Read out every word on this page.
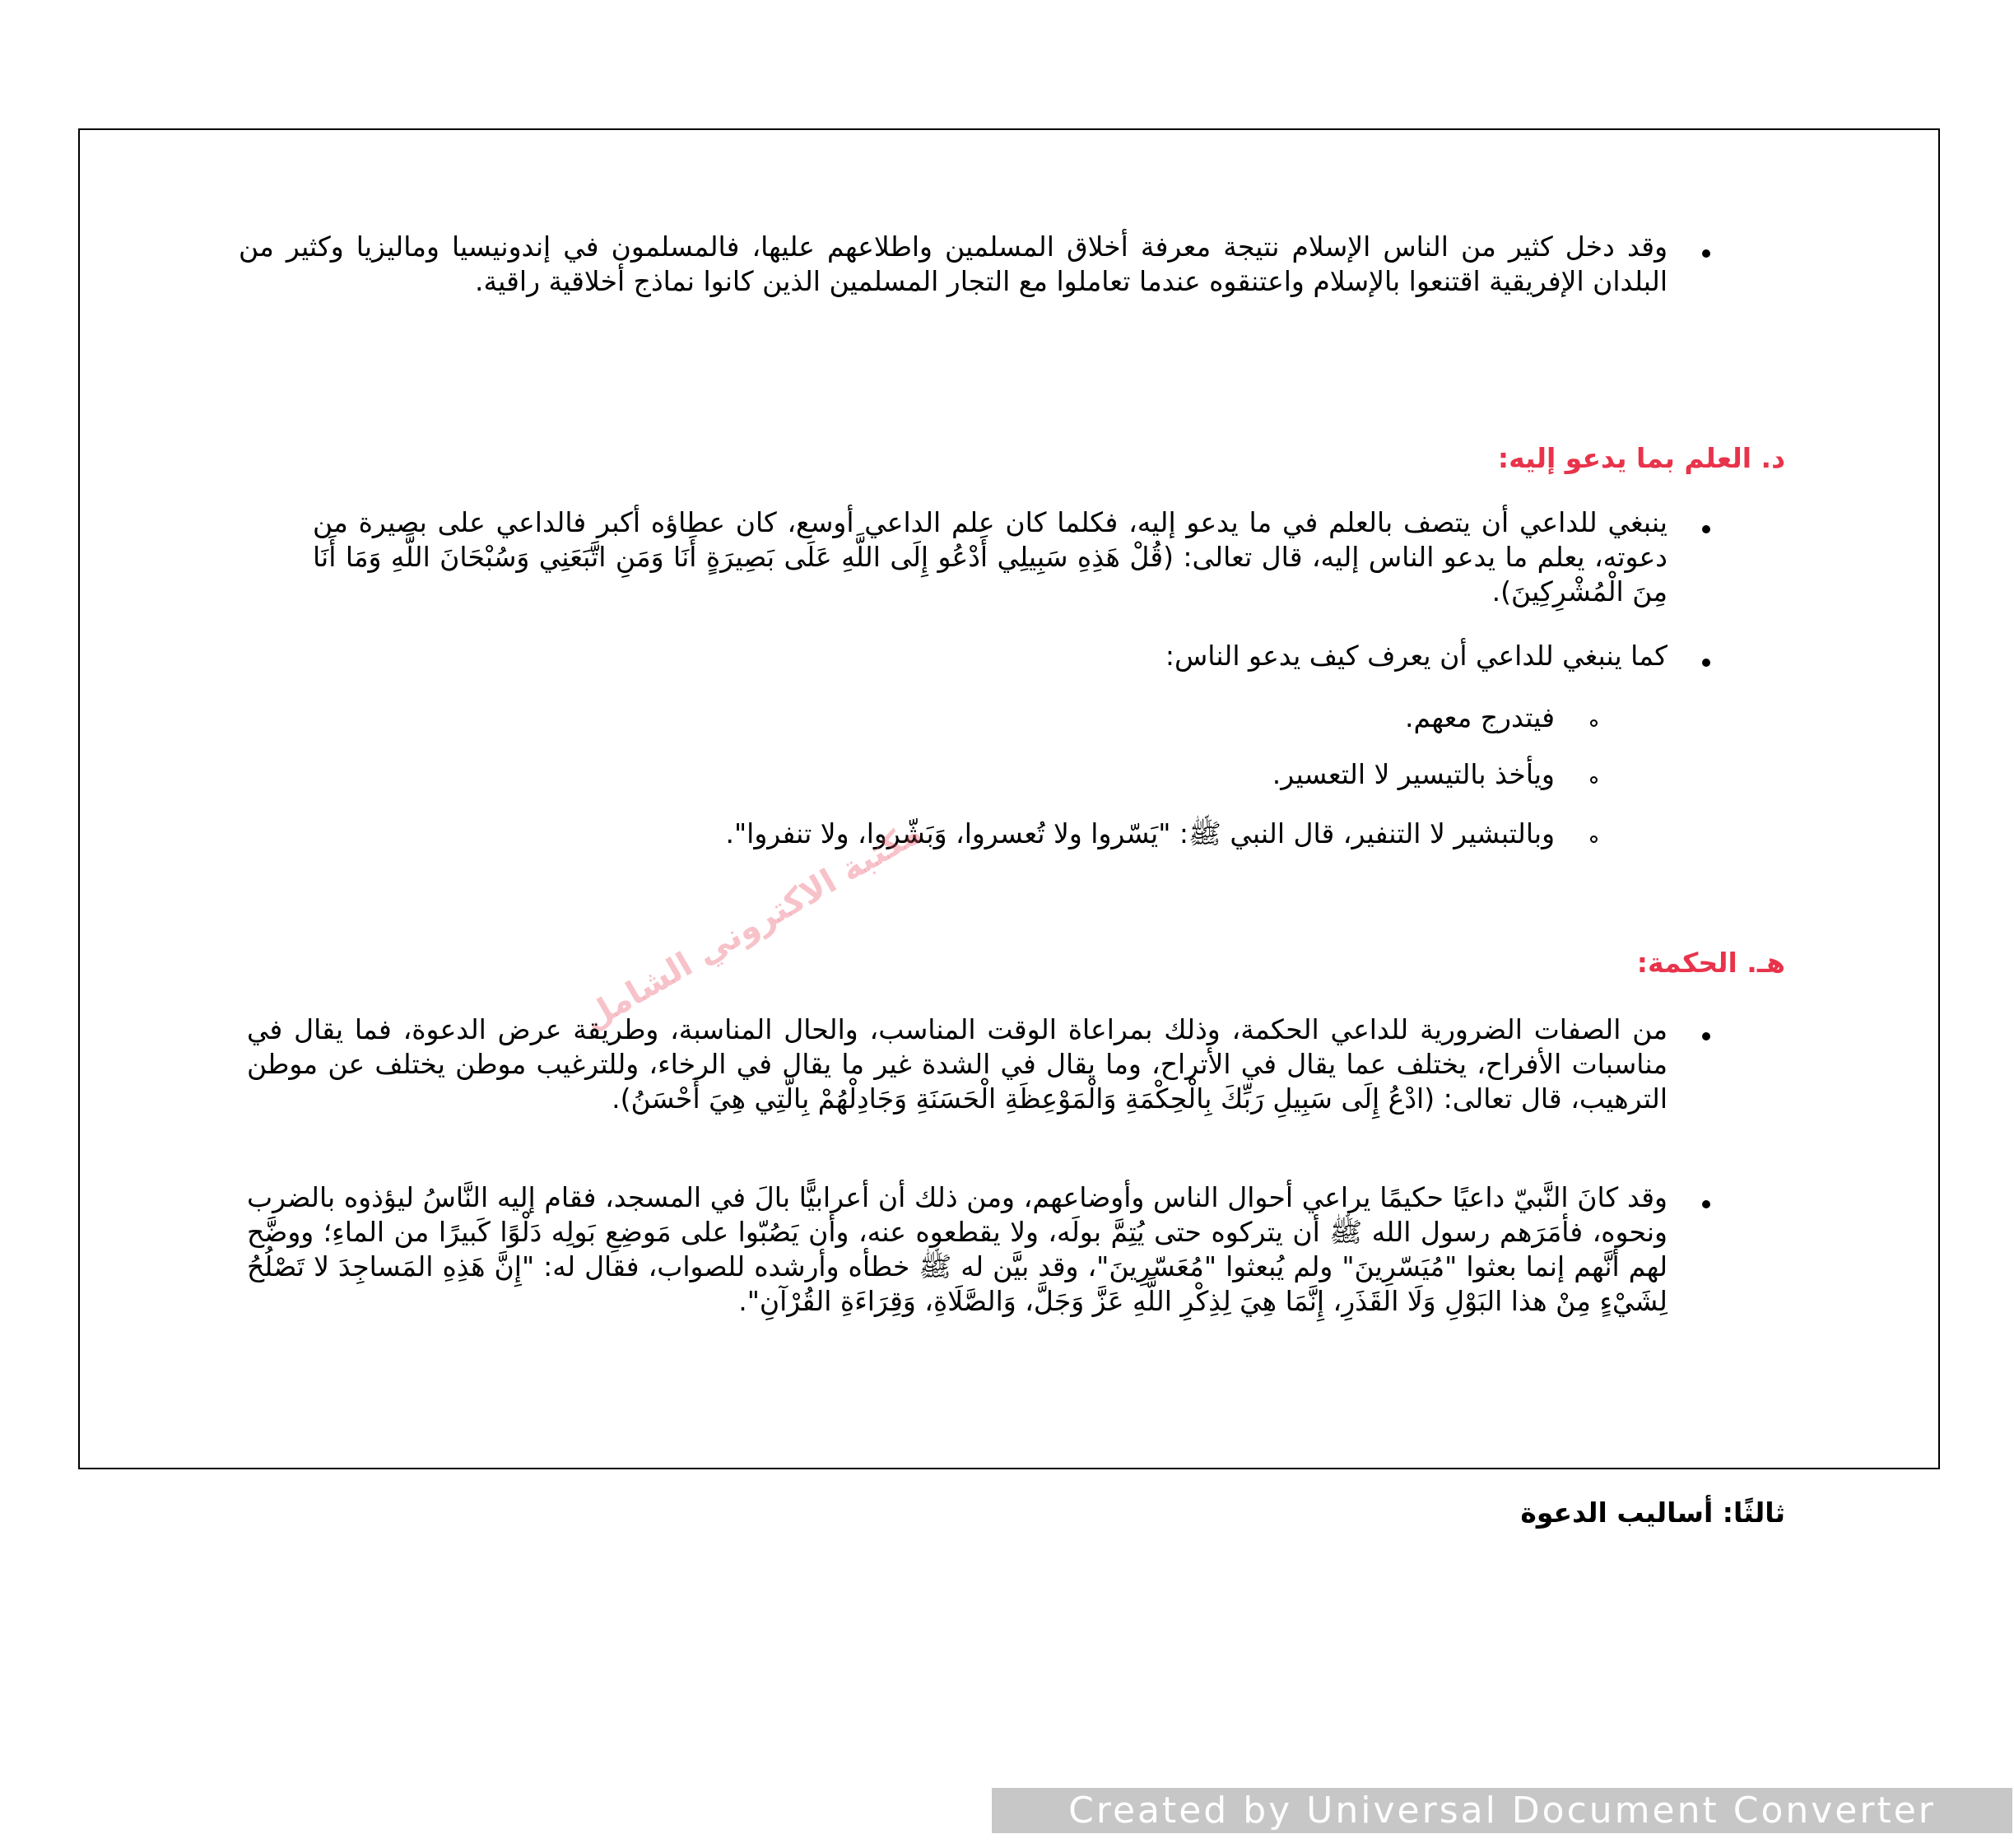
وقد دخل كثير من الناس الإسلام نتيجة معرفة أخلاق المسلمين واطلاعهم عليها، فالمسلمون في إندونيسيا وماليزيا وكثير من البلدان الإفريقية اقتنعوا بالإسلام واعتنقوه عندما تعاملوا مع التجار المسلمين الذين كانوا نماذج أخلاقية راقية.

د. العلم بما يدعو إليه:

ينبغي للداعي أن يتصف بالعلم في ما يدعو إليه، فكلما كان علم الداعي أوسع، كان عطاؤه أكبر فالداعي على بصيرة من دعوته، يعلم ما يدعو الناس إليه، قال تعالى: (قُلْ هَذِهِ سَبِيلِي أَدْعُو إِلَى اللَّهِ عَلَى بَصِيرَةٍ أَنَا وَمَنِ اتَّبَعَنِي وَسُبْحَانَ اللَّهِ وَمَا أَنَا مِنَ الْمُشْرِكِينَ).

كما ينبغي للداعي أن يعرف كيف يدعو الناس:

فيتدرج معهم.

ويأخذ بالتيسير لا التعسير.

وبالتبشير لا التنفير، قال النبي ﷺ: "يَسّروا ولا تُعسروا، وَبَشّروا، ولا تنفروا".

مكتبة الاكتروني الشامل	هـ. الحكمة:

من الصفات الضرورية للداعي الحكمة، وذلك بمراعاة الوقت المناسب، والحال المناسبة، وطريقة عرض الدعوة، فما يقال في مناسبات الأفراح، يختلف عما يقال في الأتراح، وما يقال في الشدة غير ما يقال في الرخاء، وللترغيب موطن يختلف عن موطن الترهيب، قال تعالى: (ادْعُ إِلَى سَبِيلِ رَبِّكَ بِالْحِكْمَةِ وَالْمَوْعِظَةِ الْحَسَنَةِ وَجَادِلْهُمْ بِالَّتِي هِيَ أَحْسَنُ).

وقد كانَ النَّبيّ داعيًا حكيمًا يراعي أحوال الناس وأوضاعهم، ومن ذلك أن أعرابيًّا بالَ في المسجد، فقام إليه النَّاسُ ليؤذوه بالضرب ونحوه، فأمَرَهم رسول الله ﷺ أن يتركوه حتى يُتِمَّ بولَه، ولا يقطعوه عنه، وأن يَصُبّوا على مَوضِعِ بَولِه دَلْوًا كَبيرًا من الماءِ؛ ووضَّح لهم أنَّهم إنما بعثوا "مُيَسّرِينَ" ولم يُبعثوا "مُعَسّرِينَ"، وقد بيَّن له ﷺ خطأه وأرشده للصواب، فقال له: "إِنَّ هَذِهِ المَساجِدَ لا تَصْلُحُ لِشَيْءٍ مِنْ هذا البَوْلِ وَلَا القَذَرِ، إِنَّمَا هِيَ لِذِكْرِ اللَّهِ عَزَّ وَجَلَّ، وَالصَّلَاةِ، وَقِرَاءَةِ القُرْآنِ".

ثالثًا: أساليب الدعوة
Created by Universal Document Converter
